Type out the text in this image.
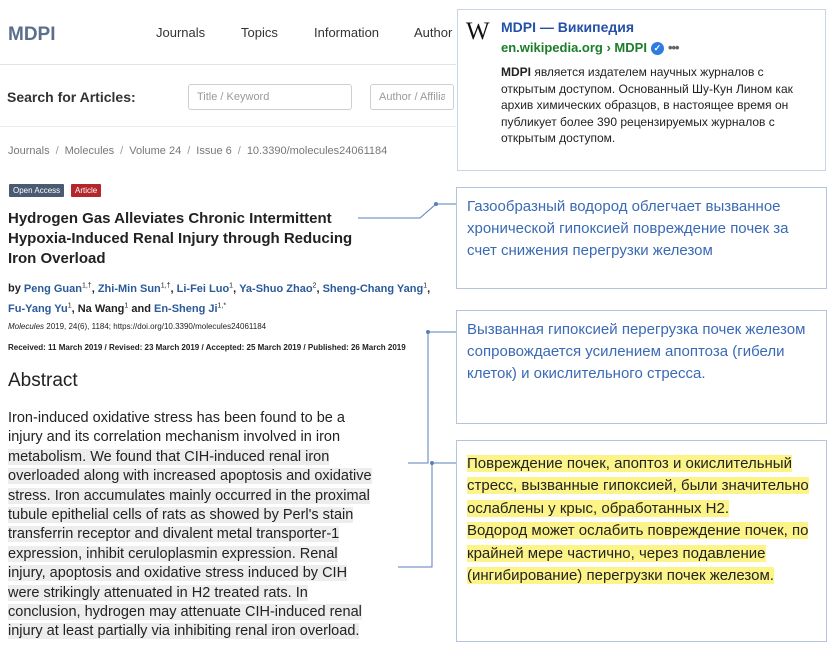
MDPI	Journals	Topics	Information	Author
Search for Articles:
Title / Keyword
Author / Affiliati
Journals / Molecules / Volume 24 / Issue 6 / 10.3390/molecules24061184
Open Access	Article
Hydrogen Gas Alleviates Chronic Intermittent Hypoxia-Induced Renal Injury through Reducing Iron Overload
by Peng Guan$^{1,\dagger}$, Zhi-Min Sun$^{1,\dagger}$, Li-Fei Luo$^1$, Ya-Shuo Zhao$^2$, Sheng-Chang Yang$^1$, Fu-Yang Yu$^1$, Na Wang$^1$ and En-Sheng $Ji^{1,*}$
Molecules 2019, 24(6), 1184; https://doi.org/10.3390/molecules24061184
Received: 11 March 2019 / Revised: 23 March 2019 / Accepted: 25 March 2019 / Published: 26 March 2019
Abstract
Iron-induced oxidative stress has been found to be a
injury and its correlation mechanism involved in iron
metabolism. We found that CIH-induced renal iron
overloaded along with increased apoptosis and oxidative
stress. Iron accumulates mainly occurred in the proximal
tubule epithelial cells of rats as showed by Perl's stain
transferrin receptor and divalent metal transporter-1
expression, inhibit ceruloplasmin expression. Renal
injury, apoptosis and oxidative stress induced by CIH
were strikingly attenuated in H2 treated rats. In
conclusion, hydrogen may attenuate CIH-induced renal
injury at least partially via inhibiting renal iron overload.
W MDPI — Википедия
en.wikipedia.org › MDPI ✓ •••
MDPI является издателем научных журналов с открытым доступом. Основанный Шу-Кун Лином как архив химических образцов, в настоящее время он публикует более 390 рецензируемых журналов с открытым доступом.
Газообразный водород облегчает вызванное хронической гипоксией повреждение почек за счет снижения перегрузки железом
Вызванная гипоксией перегрузка почек железом сопровождается усилением апоптоза (гибели клеток) и окислительного стресса.
Повреждение почек, апоптоз и окислительный стресс, вызванные гипоксией, были значительно ослаблены у крыс, обработанных H2.
Водород может ослабить повреждение почек, по крайней мере частично, через подавление (ингибирование) перегрузки почек железом.
